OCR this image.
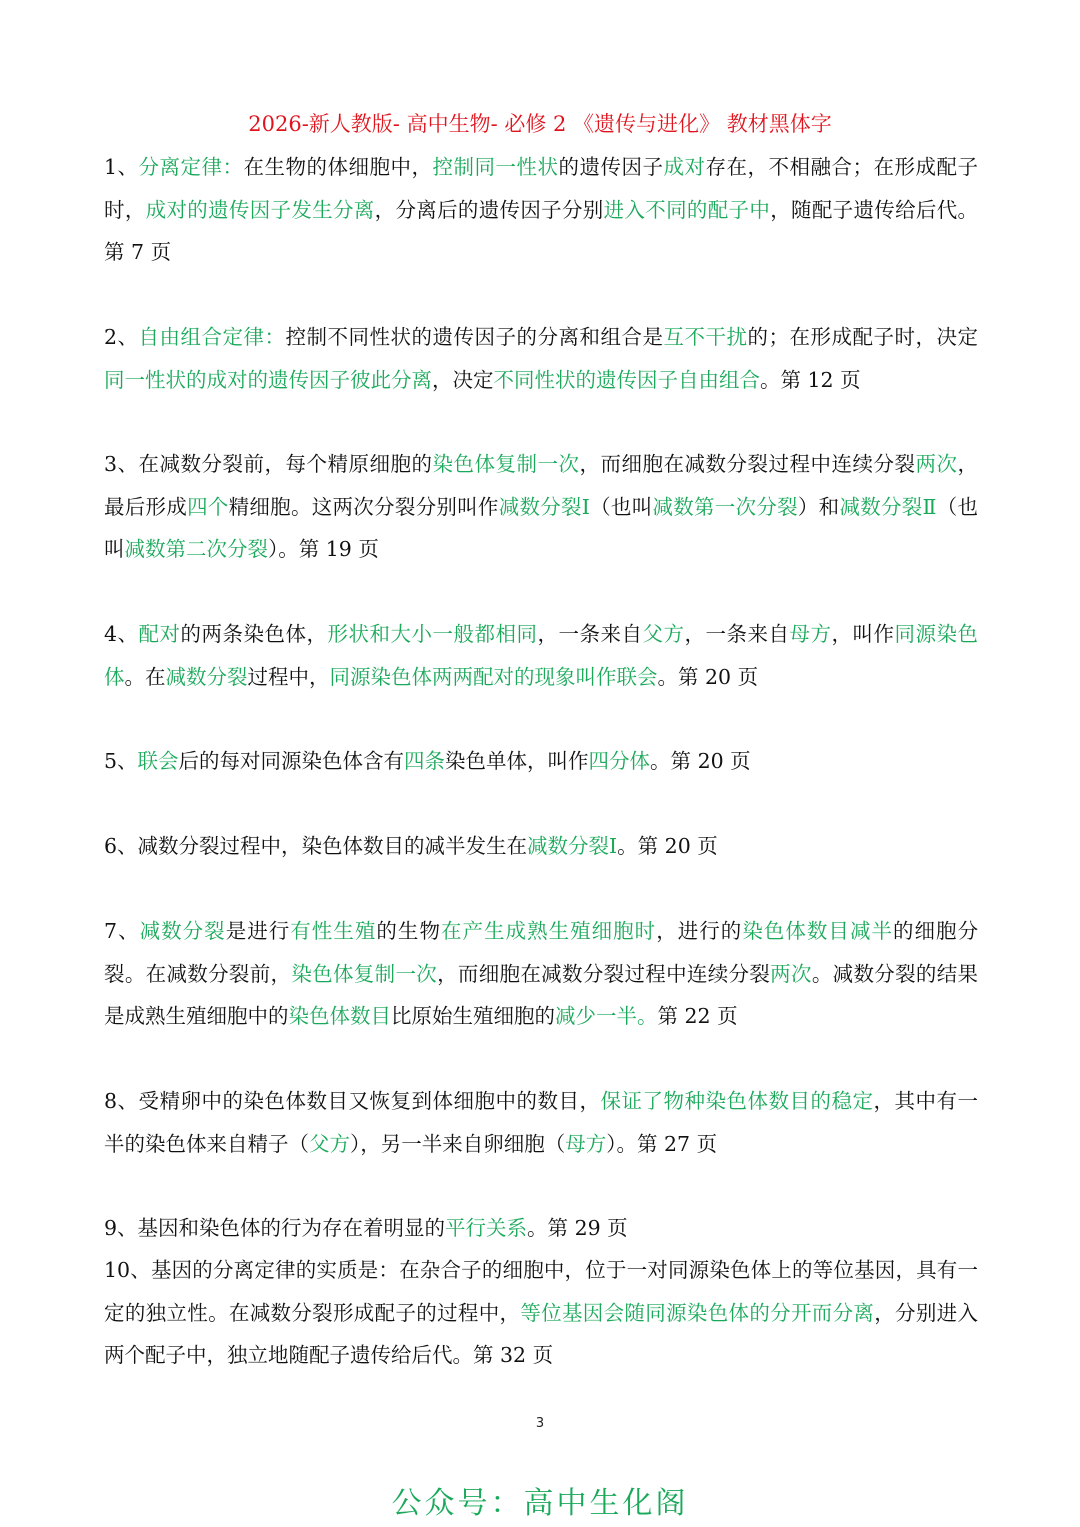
2026-新人教版- 高中生物- 必修 2 《遗传与进化》 教材黑体字

1、分离定律：在生物的体细胞中，控制同一性状的遗传因子成对存在，不相融合；在形成配子时，成对的遗传因子发生分离，分离后的遗传因子分别进入不同的配子中，随配子遗传给后代。第 7 页

2、自由组合定律：控制不同性状的遗传因子的分离和组合是互不干扰的；在形成配子时，决定同一性状的成对的遗传因子彼此分离，决定不同性状的遗传因子自由组合。第 12 页

3、在减数分裂前，每个精原细胞的染色体复制一次，而细胞在减数分裂过程中连续分裂两次，最后形成四个精细胞。这两次分裂分别叫作减数分裂Ⅰ（也叫减数第一次分裂）和减数分裂Ⅱ（也叫减数第二次分裂）。第 19 页

4、配对的两条染色体，形状和大小一般都相同，一条来自父方，一条来自母方，叫作同源染色体。在减数分裂过程中，同源染色体两两配对的现象叫作联会。第 20 页

5、联会后的每对同源染色体含有四条染色单体，叫作四分体。第 20 页

6、减数分裂过程中，染色体数目的减半发生在减数分裂Ⅰ。第 20 页

7、减数分裂是进行有性生殖的生物在产生成熟生殖细胞时，进行的染色体数目减半的细胞分裂。在减数分裂前，染色体复制一次，而细胞在减数分裂过程中连续分裂两次。减数分裂的结果是成熟生殖细胞中的染色体数目比原始生殖细胞的减少一半。第 22 页

8、受精卵中的染色体数目又恢复到体细胞中的数目，保证了物种染色体数目的稳定，其中有一半的染色体来自精子（父方），另一半来自卵细胞（母方）。第 27 页

9、基因和染色体的行为存在着明显的平行关系。第 29 页

10、基因的分离定律的实质是：在杂合子的细胞中，位于一对同源染色体上的等位基因，具有一定的独立性。在减数分裂形成配子的过程中，等位基因会随同源染色体的分开而分离，分别进入两个配子中，独立地随配子遗传给后代。第 32 页

3
公众号：高中生化阁
